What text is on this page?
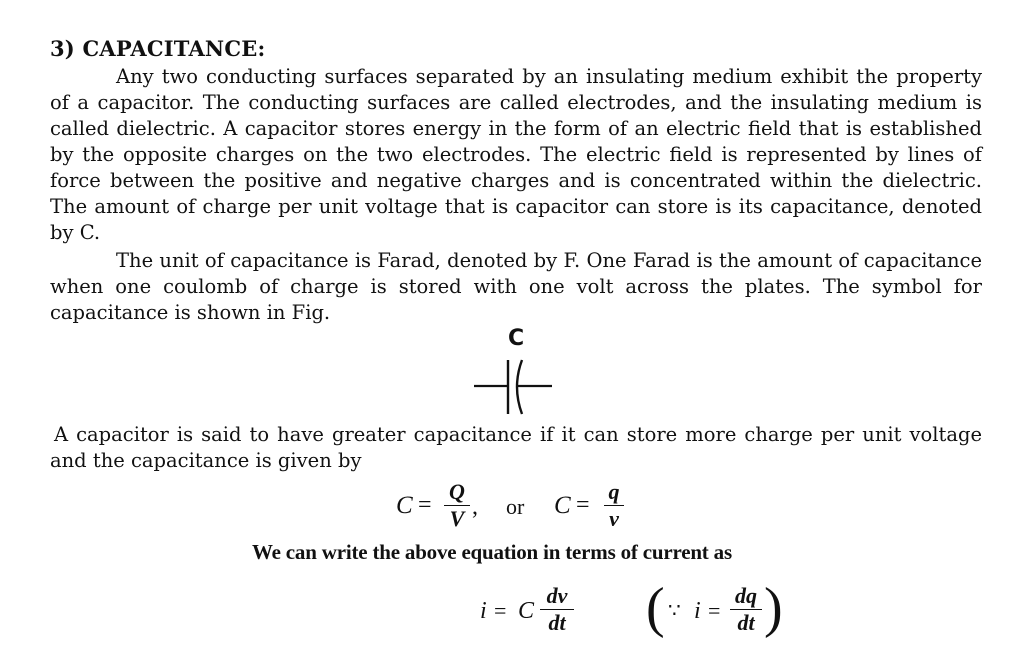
3) CAPACITANCE:

Any two conducting surfaces separated by an insulating medium exhibit the property of a capacitor. The conducting surfaces are called electrodes, and the insulating medium is called dielectric. A capacitor stores energy in the form of an electric field that is established by the opposite charges on the two electrodes. The electric field is represented by lines of force between the positive and negative charges and is concentrated within the dielectric. The amount of charge per unit voltage that is capacitor can store is its capacitance, denoted by C.

The unit of capacitance is Farad, denoted by F. One Farad is the amount of capacitance when one coulomb of charge is stored with one volt across the plates. The symbol for capacitance is shown in Fig.

C

A capacitor is said to have greater capacitance if it can store more charge per unit voltage and the capacitance is given by

C =
Q
V , or C =
q
v

We can write the above equation in terms of current as

i = C
dv
dt ( ∵ i =
dq
dt )
